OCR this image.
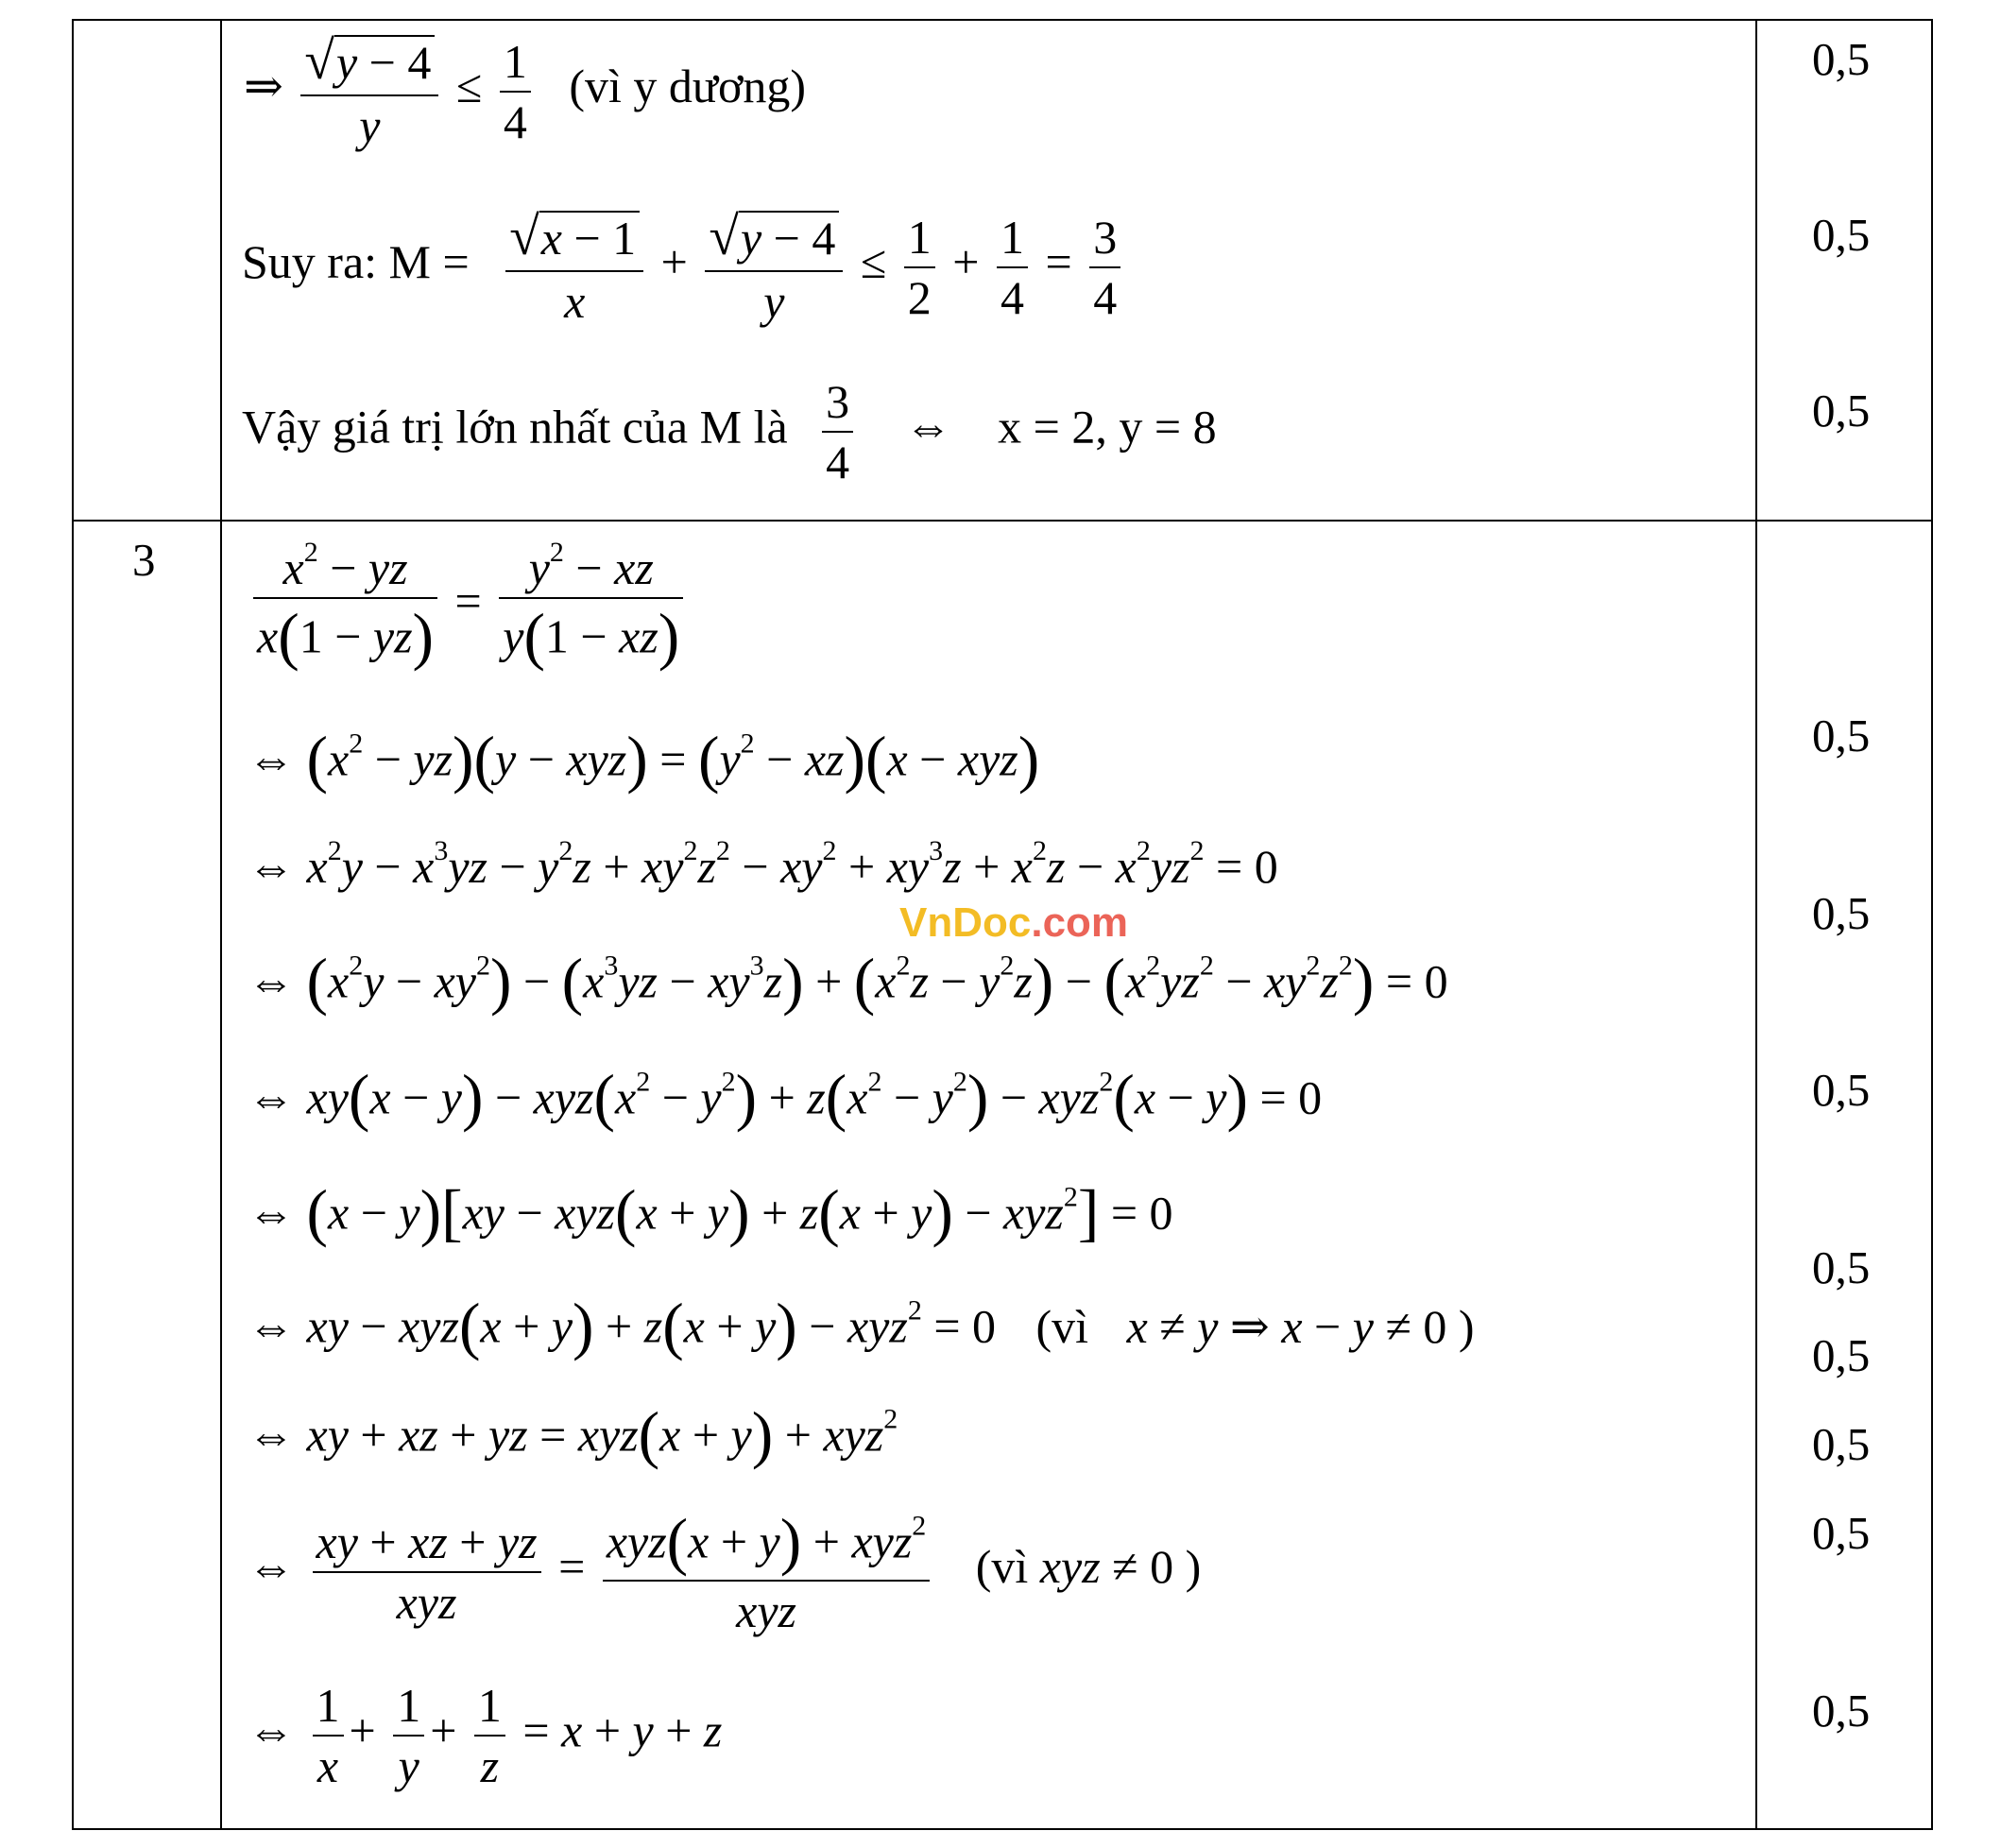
3
0,5
0,5
0,5
0,5
0,5
0,5
0,5
0,5
0,5
0,5
0,5
⇒ $\frac{√y - 4}{y} \le \frac{1}{4}$ (vì y dương)
Suy ra: $M = \frac{√x - 1}{x} + \frac{√y - 4}{y} \le \frac{1}{2} + \frac{1}{4} = \frac{3}{4}$
Vậy giá trị lớn nhất của M là $\frac{3}{4}$ ⇔ x = 2, y = 8
$\frac{x^2 - yz}{x(1 - yz)} = \frac{y^2 - xz}{y(1 - xz)}$
⇔ $(x^2 - yz)(y - xyz) = (y^2 - xz)(x - xyz)$
⇔ $x^2y - x^3yz - y^2z + xy^2z^2 - xy^2 + xy^3z + x^2z - x^2yz^2 = 0$
⇔ $(x^2y - xy^2) - (x^3yz - xy^3z) + (x^2z - y^2z) - (x^2yz^2 - xy^2z^2) = 0$
⇔ $xy(x - y) - xyz(x^2 - y^2) + z(x^2 - y^2) - xyz^2(x - y) = 0$
⇔ (x − y)[xy − xyz(x + y) + z(x + y) − xyz$^2$] = 0
⇔ xy − xyz(x + y) + z(x + y) − xyz$^2$ = 0 (vì x ≠ y ⇒ x − y ≠ 0 )
⇔ xy + xz + yz = xyz(x + y) + xyz$^2$
⇔ $\frac{xy + xz + yz}{\text{xyz}} = \frac{xyz(x + y) + xyz^2}{\text{xyz}}$ (vì xyz ≠ 0 )
⇔ $\frac{1}{x} + \frac{1}{y} + \frac{1}{z} = x + y + z$
VnDoc.com
